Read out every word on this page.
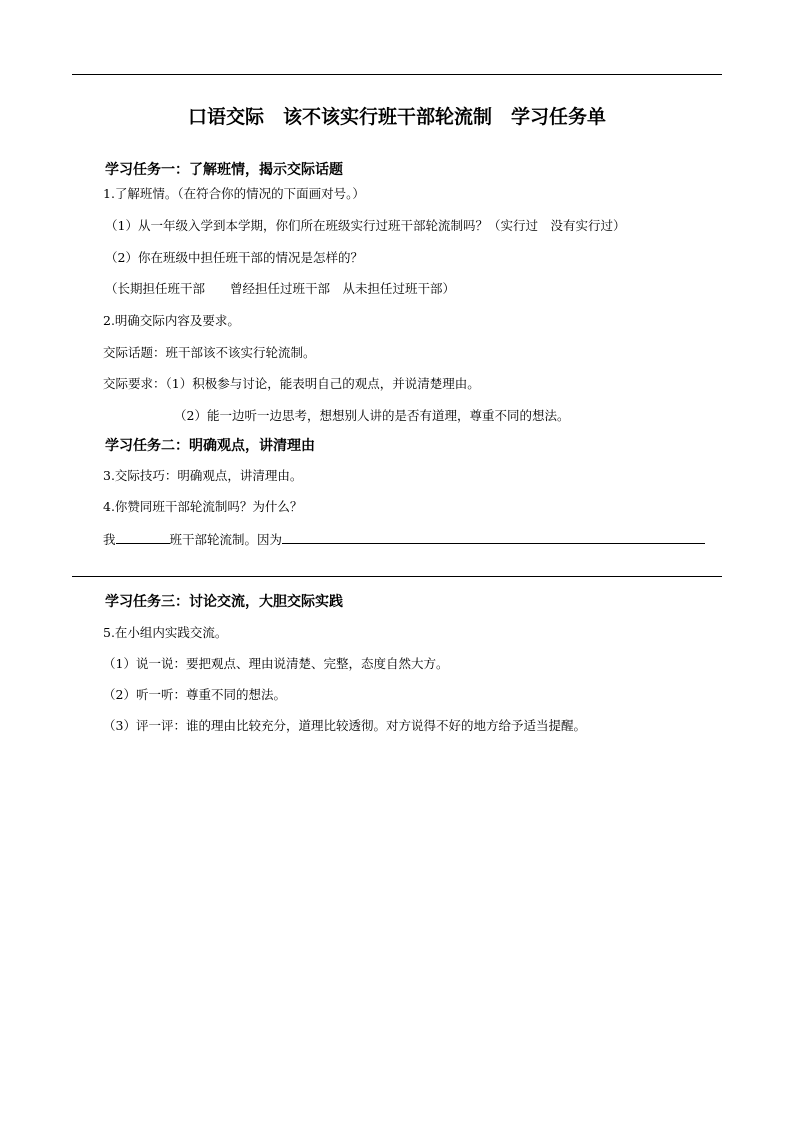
口语交际　该不该实行班干部轮流制　学习任务单
学习任务一：了解班情，揭示交际话题
1.了解班情。（在符合你的情况的下面画对号。）
（1）从一年级入学到本学期，你们所在班级实行过班干部轮流制吗？（实行过　没有实行过）
（2）你在班级中担任班干部的情况是怎样的？
（长期担任班干部　　曾经担任过班干部　从未担任过班干部）
2.明确交际内容及要求。
交际话题：班干部该不该实行轮流制。
交际要求：（1）积极参与讨论，能表明自己的观点，并说清楚理由。
（2）能一边听一边思考，想想别人讲的是否有道理，尊重不同的想法。
学习任务二：明确观点，讲清理由
3.交际技巧：明确观点，讲清理由。
4.你赞同班干部轮流制吗？为什么？
我	班干部轮流制。因为
学习任务三：讨论交流，大胆交际实践
5.在小组内实践交流。
（1）说一说：要把观点、理由说清楚、完整，态度自然大方。
（2）听一听：尊重不同的想法。
（3）评一评：谁的理由比较充分，道理比较透彻。对方说得不好的地方给予适当提醒。
